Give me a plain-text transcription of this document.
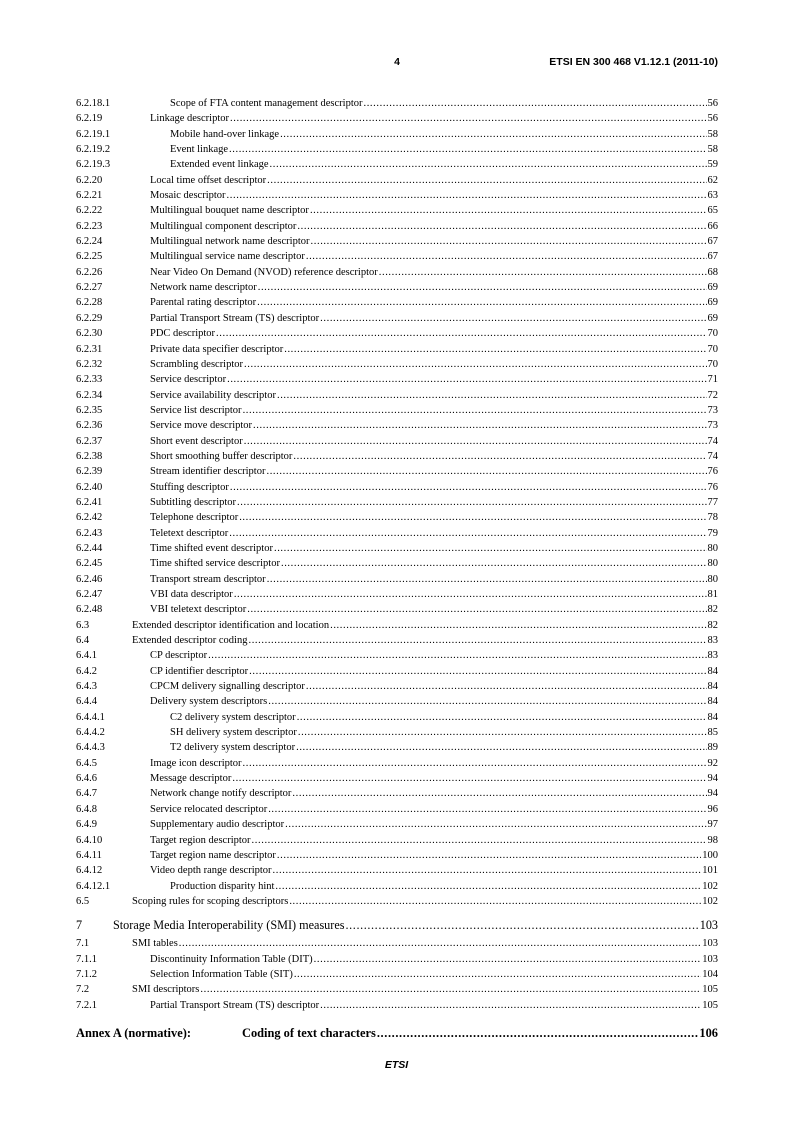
4	ETSI EN 300 468 V1.12.1 (2011-10)
6.2.18.1	Scope of FTA content management descriptor .....	56
6.2.19	Linkage descriptor .....	56
6.2.19.1	Mobile hand-over linkage .....	58
6.2.19.2	Event linkage .....	58
6.2.19.3	Extended event linkage .....	59
6.2.20	Local time offset descriptor .....	62
6.2.21	Mosaic descriptor .....	63
6.2.22	Multilingual bouquet name descriptor .....	65
6.2.23	Multilingual component descriptor .....	66
6.2.24	Multilingual network name descriptor .....	67
6.2.25	Multilingual service name descriptor .....	67
6.2.26	Near Video On Demand (NVOD) reference descriptor .....	68
6.2.27	Network name descriptor .....	69
6.2.28	Parental rating descriptor .....	69
6.2.29	Partial Transport Stream (TS) descriptor .....	69
6.2.30	PDC descriptor .....	70
6.2.31	Private data specifier descriptor .....	70
6.2.32	Scrambling descriptor .....	70
6.2.33	Service descriptor .....	71
6.2.34	Service availability descriptor .....	72
6.2.35	Service list descriptor .....	73
6.2.36	Service move descriptor .....	73
6.2.37	Short event descriptor .....	74
6.2.38	Short smoothing buffer descriptor .....	74
6.2.39	Stream identifier descriptor .....	76
6.2.40	Stuffing descriptor .....	76
6.2.41	Subtitling descriptor .....	77
6.2.42	Telephone descriptor .....	78
6.2.43	Teletext descriptor .....	79
6.2.44	Time shifted event descriptor .....	80
6.2.45	Time shifted service descriptor .....	80
6.2.46	Transport stream descriptor .....	80
6.2.47	VBI data descriptor .....	81
6.2.48	VBI teletext descriptor .....	82
6.3	Extended descriptor identification and location .....	82
6.4	Extended descriptor coding .....	83
6.4.1	CP descriptor .....	83
6.4.2	CP identifier descriptor .....	84
6.4.3	CPCM delivery signalling descriptor .....	84
6.4.4	Delivery system descriptors .....	84
6.4.4.1	C2 delivery system descriptor .....	84
6.4.4.2	SH delivery system descriptor .....	85
6.4.4.3	T2 delivery system descriptor .....	89
6.4.5	Image icon descriptor .....	92
6.4.6	Message descriptor .....	94
6.4.7	Network change notify descriptor .....	94
6.4.8	Service relocated descriptor .....	96
6.4.9	Supplementary audio descriptor .....	97
6.4.10	Target region descriptor .....	98
6.4.11	Target region name descriptor .....	100
6.4.12	Video depth range descriptor .....	101
6.4.12.1	Production disparity hint .....	102
6.5	Scoping rules for scoping descriptors .....	102
7	Storage Media Interoperability (SMI) measures .....	103
7.1	SMI tables .....	103
7.1.1	Discontinuity Information Table (DIT) .....	103
7.1.2	Selection Information Table (SIT) .....	104
7.2	SMI descriptors .....	105
7.2.1	Partial Transport Stream (TS) descriptor .....	105
Annex A (normative):	Coding of text characters .....	106
ETSI
